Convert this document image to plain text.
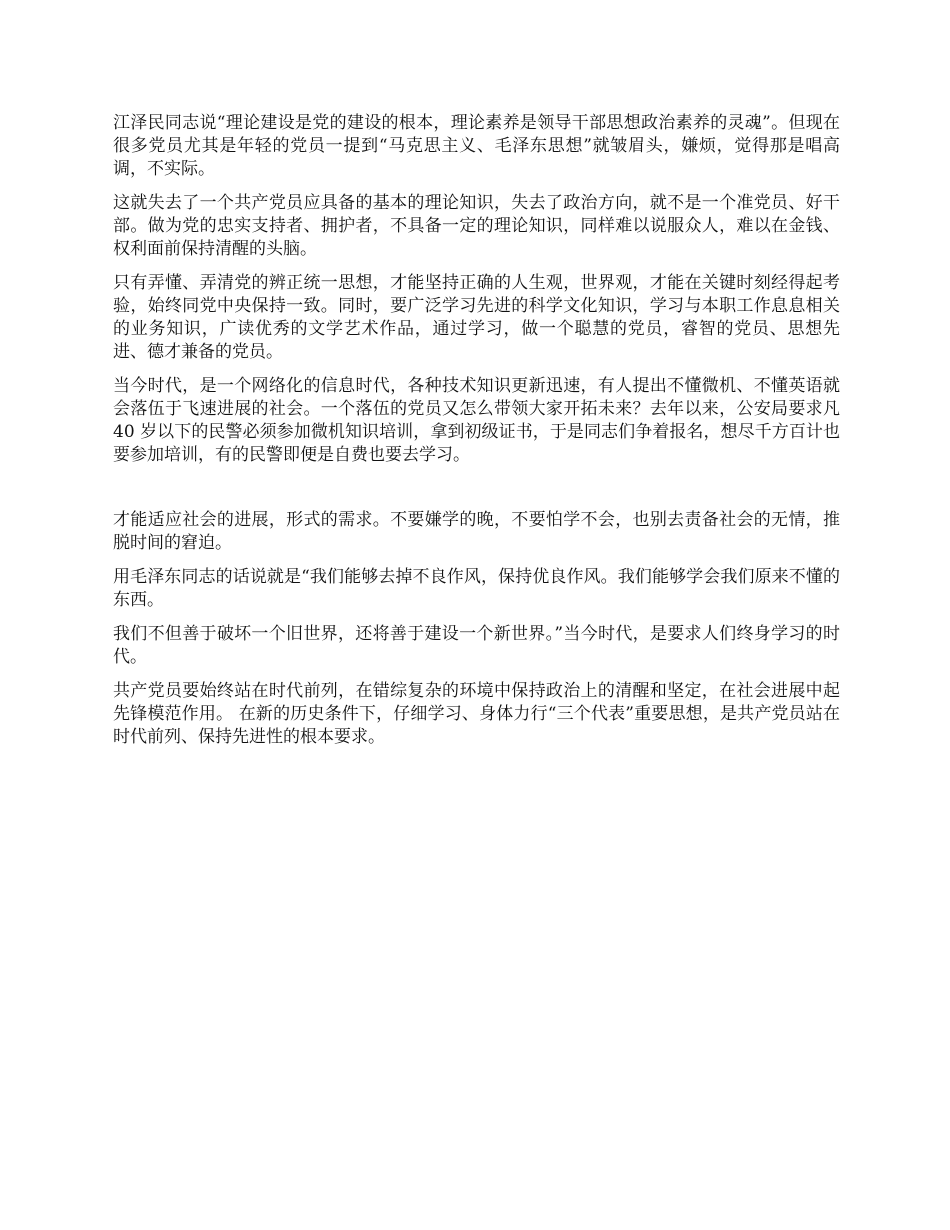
江泽民同志说“理论建设是党的建设的根本，理论素养是领导干部思想政治素养的灵魂”。但现在很多党员尤其是年轻的党员一提到“马克思主义、毛泽东思想”就皱眉头，嫌烦，觉得那是唱高调，不实际。

这就失去了一个共产党员应具备的基本的理论知识，失去了政治方向，就不是一个准党员、好干部。做为党的忠实支持者、拥护者，不具备一定的理论知识，同样难以说服众人，难以在金钱、权利面前保持清醒的头脑。

只有弄懂、弄清党的辨正统一思想，才能坚持正确的人生观，世界观，才能在关键时刻经得起考验，始终同党中央保持一致。同时，要广泛学习先进的科学文化知识，学习与本职工作息息相关的业务知识，广读优秀的文学艺术作品，通过学习，做一个聪慧的党员，睿智的党员、思想先进、德才兼备的党员。

当今时代，是一个网络化的信息时代，各种技术知识更新迅速，有人提出不懂微机、不懂英语就会落伍于飞速进展的社会。一个落伍的党员又怎么带领大家开拓未来？去年以来，公安局要求凡 40 岁以下的民警必须参加微机知识培训，拿到初级证书，于是同志们争着报名，想尽千方百计也要参加培训，有的民警即便是自费也要去学习。

才能适应社会的进展，形式的需求。不要嫌学的晚，不要怕学不会，也别去责备社会的无情，推脱时间的窘迫。

用毛泽东同志的话说就是“我们能够去掉不良作风，保持优良作风。我们能够学会我们原来不懂的东西。

我们不但善于破坏一个旧世界，还将善于建设一个新世界。”当今时代，是要求人们终身学习的时代。

共产党员要始终站在时代前列，在错综复杂的环境中保持政治上的清醒和坚定，在社会进展中起先锋模范作用。 在新的历史条件下，仔细学习、身体力行“三个代表”重要思想，是共产党员站在时代前列、保持先进性的根本要求。
